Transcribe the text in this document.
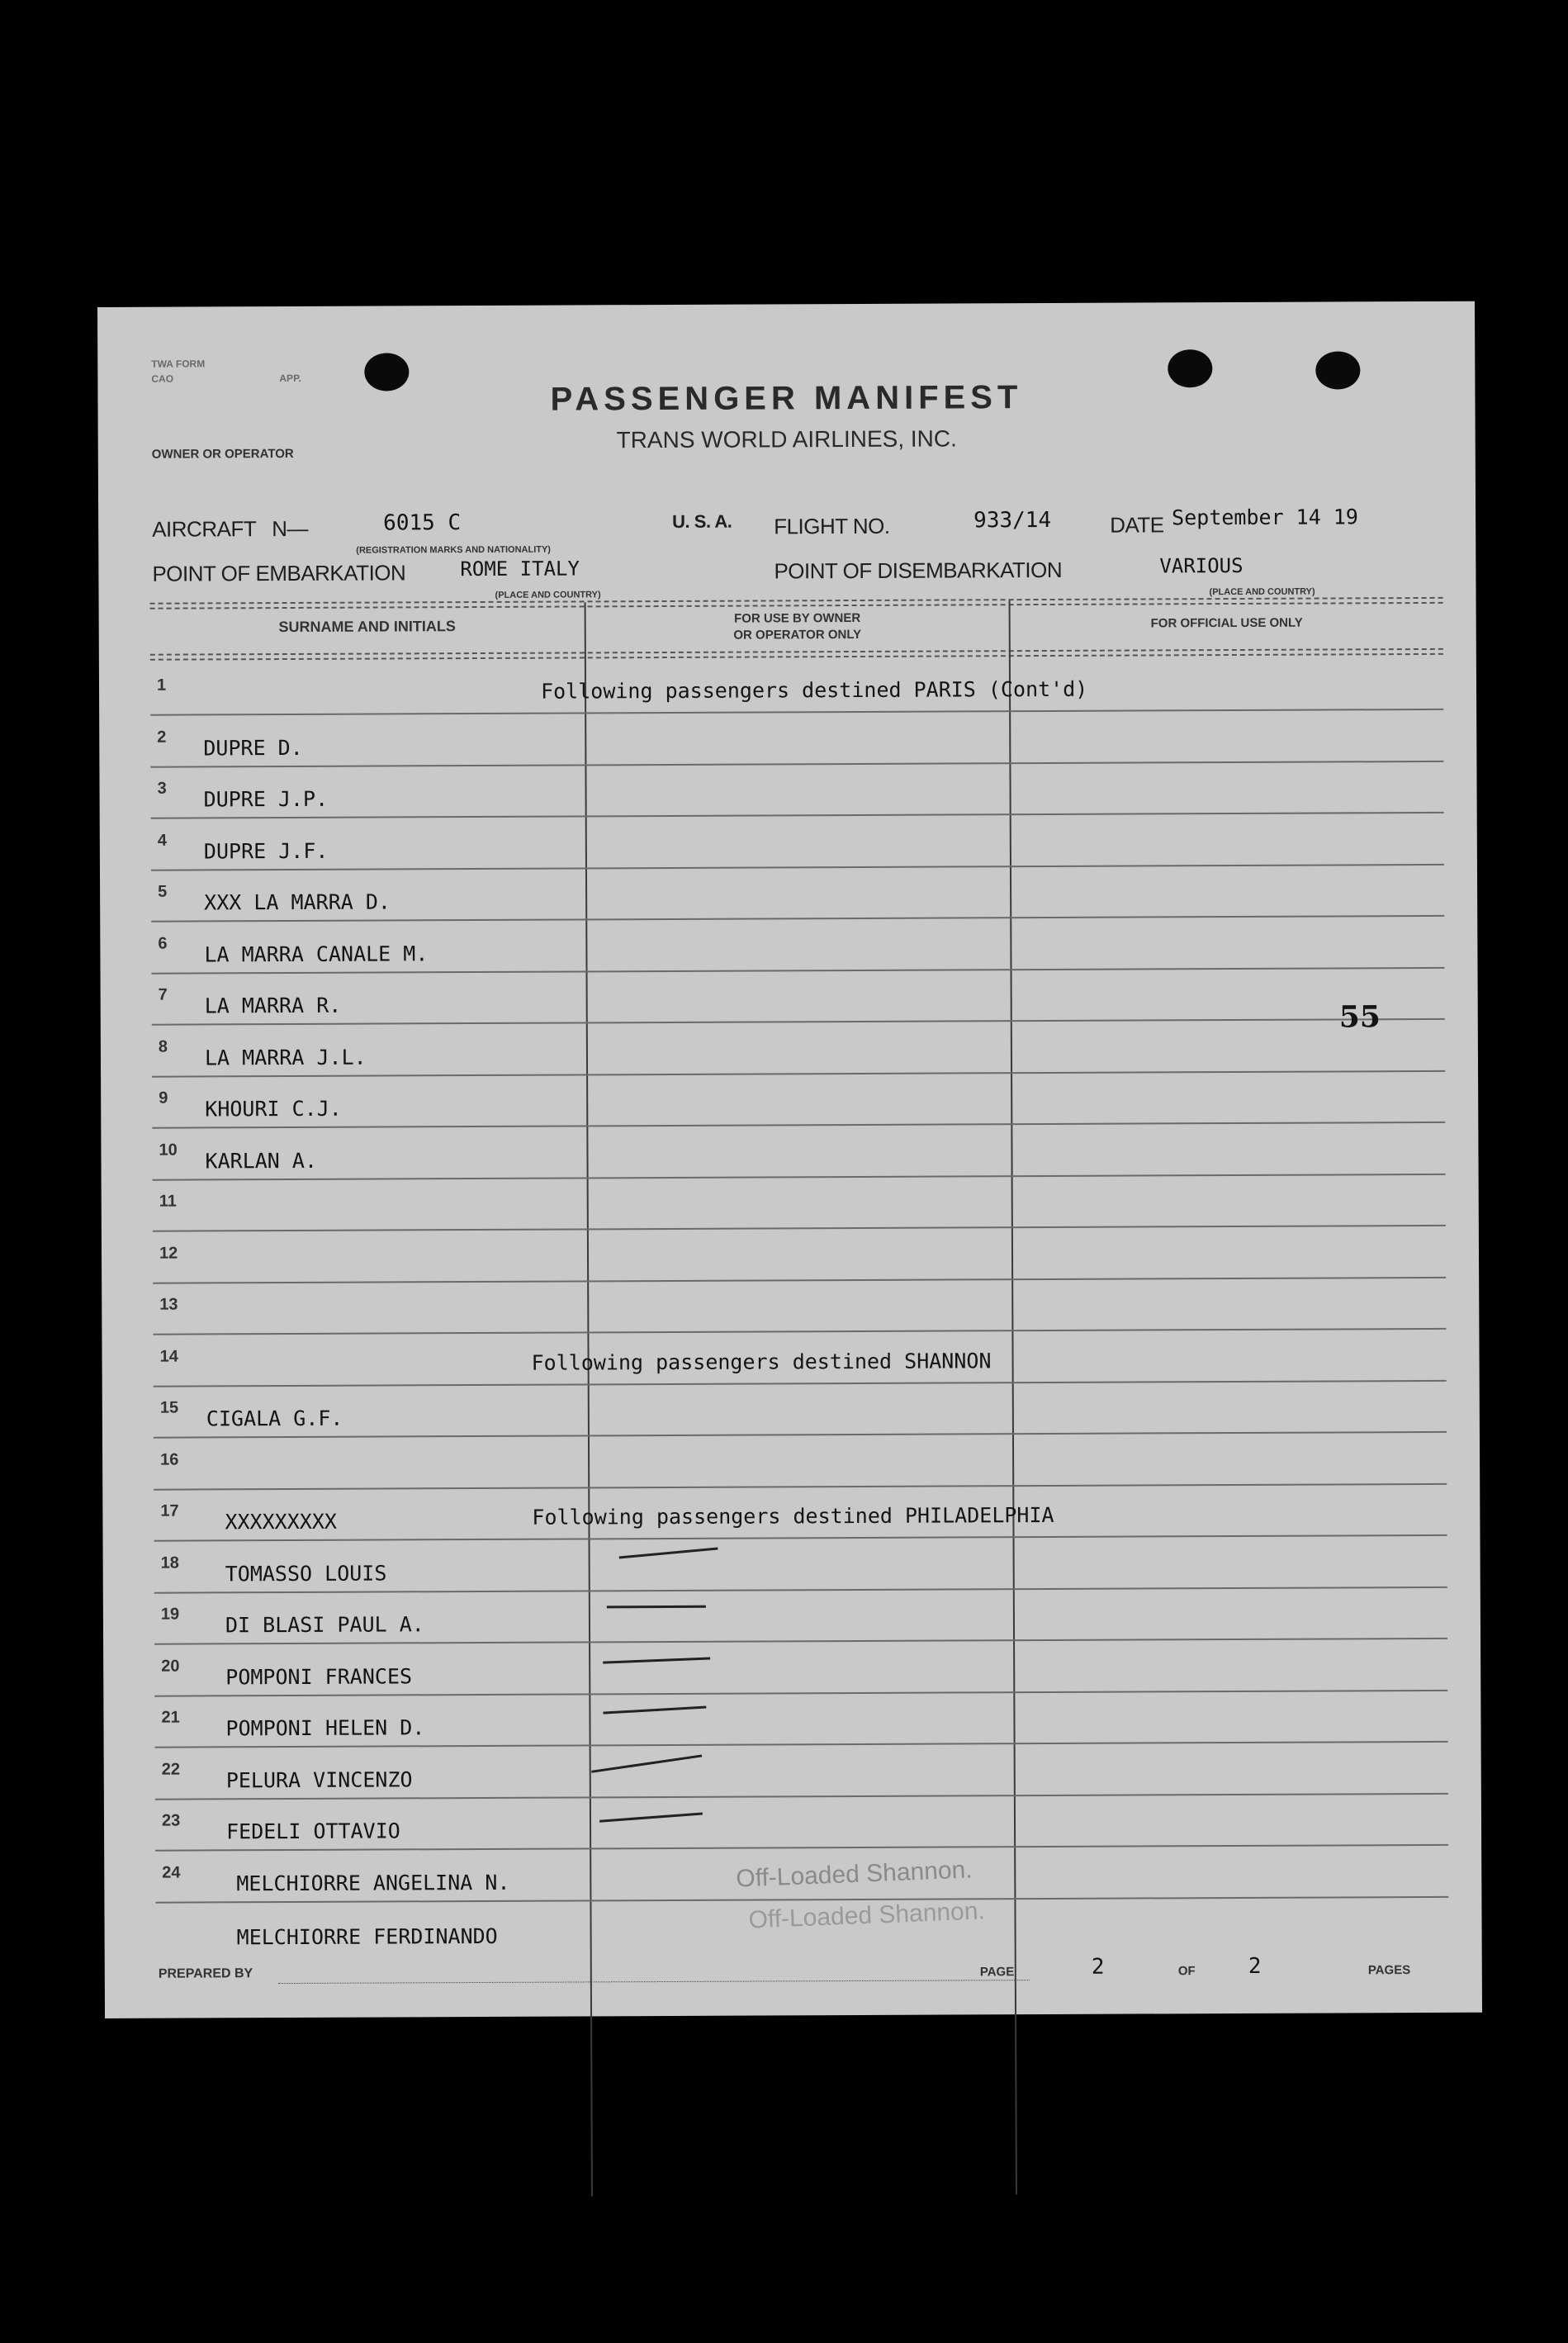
TWA FORM
CAO	APP.
PASSENGER MANIFEST
TRANS WORLD AIRLINES, INC.
OWNER OR OPERATOR
AIRCRAFT N—	6015 C
(REGISTRATION MARKS AND NATIONALITY)
U. S. A. FLIGHT NO.	933/14	DATE September 14 19
POINT OF EMBARKATION	ROME ITALY
(PLACE AND COUNTRY)
POINT OF DISEMBARKATION	VARIOUS
(PLACE AND COUNTRY)
SURNAME AND INITIALS	FOR USE BY OWNER
OR OPERATOR ONLY
FOR OFFICIAL USE ONLY
1	Following passengers destined PARIS (Cont'd)
2	DUPRE D.
3	DUPRE J.P.
4	DUPRE J.F.
5	XXX LA MARRA D.
6	LA MARRA CANALE M.
7	LA MARRA R.
8	LA MARRA J.L.
9	KHOURI C.J.
10	KARLAN A.
11
12
13
14	Following passengers destined SHANNON
15	CIGALA G.F.
16
17	XXXXXXXXX	Following passengers destined PHILADELPHIA
18	TOMASSO LOUIS
19	DI BLASI PAUL A.
20	POMPONI FRANCES
21	POMPONI HELEN D.
22	PELURA VINCENZO
23	FEDELI OTTAVIO
24	MELCHIORRE ANGELINA N.
55
MELCHIORRE FERDINANDO
Off-Loaded Shannon.
Off-Loaded Shannon.
PREPARED BY	PAGE	2	OF 2	PAGES
